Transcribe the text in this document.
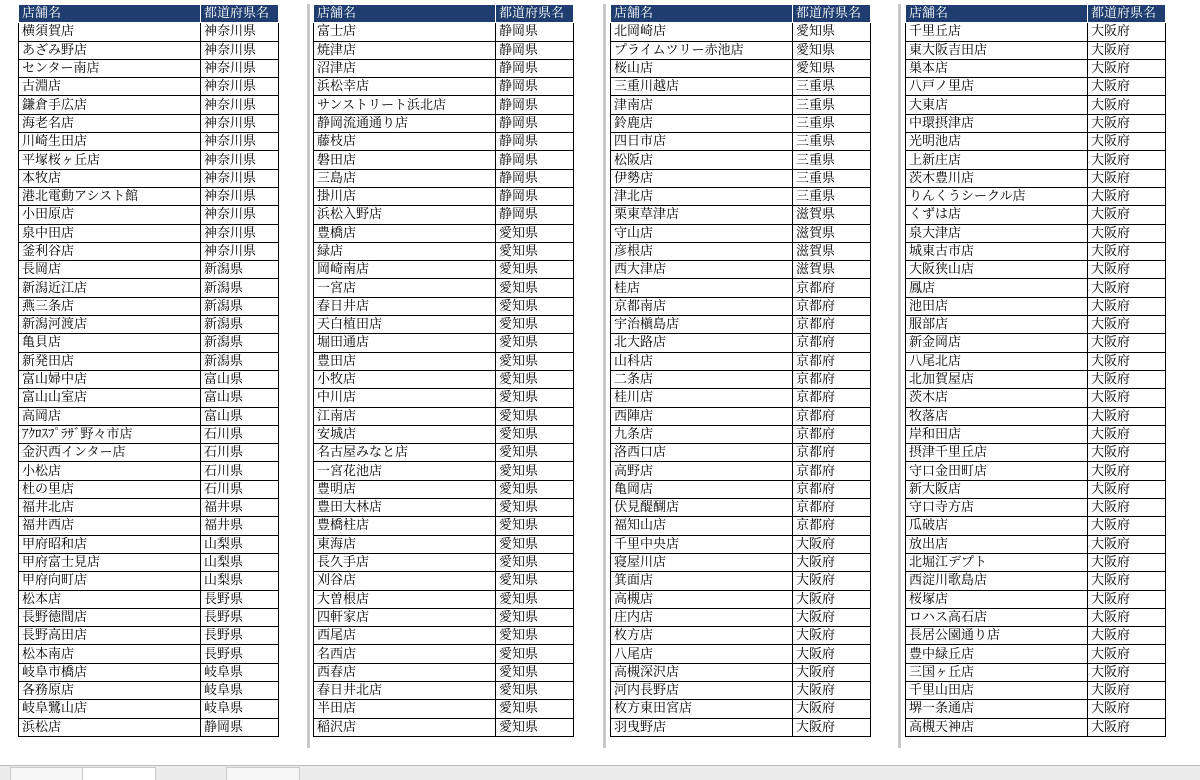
店舗名	都道府県名
横須賀店	神奈川県
あざみ野店	神奈川県
センター南店	神奈川県
古淵店	神奈川県
鎌倉手広店	神奈川県
海老名店	神奈川県
川崎生田店	神奈川県
平塚桜ヶ丘店	神奈川県
本牧店	神奈川県
港北電動アシスト館	神奈川県
小田原店	神奈川県
泉中田店	神奈川県
釜利谷店	神奈川県
長岡店	新潟県
新潟近江店	新潟県
燕三条店	新潟県
新潟河渡店	新潟県
亀貝店	新潟県
新発田店	新潟県
富山婦中店	富山県
富山山室店	富山県
高岡店	富山県
ｱｸﾛｽﾌﾟﾗｻﾞ野々市店	石川県
金沢西インター店	石川県
小松店	石川県
杜の里店	石川県
福井北店	福井県
福井西店	福井県
甲府昭和店	山梨県
甲府富士見店	山梨県
甲府向町店	山梨県
松本店	長野県
長野徳間店	長野県
長野高田店	長野県
松本南店	長野県
岐阜市橋店	岐阜県
各務原店	岐阜県
岐阜鷺山店	岐阜県
浜松店	静岡県
店舗名	都道府県名
富士店	静岡県
焼津店	静岡県
沼津店	静岡県
浜松幸店	静岡県
サンストリート浜北店	静岡県
静岡流通通り店	静岡県
藤枝店	静岡県
磐田店	静岡県
三島店	静岡県
掛川店	静岡県
浜松入野店	静岡県
豊橋店	愛知県
緑店	愛知県
岡崎南店	愛知県
一宮店	愛知県
春日井店	愛知県
天白植田店	愛知県
堀田通店	愛知県
豊田店	愛知県
小牧店	愛知県
中川店	愛知県
江南店	愛知県
安城店	愛知県
名古屋みなと店	愛知県
一宮花池店	愛知県
豊明店	愛知県
豊田大林店	愛知県
豊橋柱店	愛知県
東海店	愛知県
長久手店	愛知県
刈谷店	愛知県
大曽根店	愛知県
四軒家店	愛知県
西尾店	愛知県
名西店	愛知県
西春店	愛知県
春日井北店	愛知県
半田店	愛知県
稲沢店	愛知県
店舗名	都道府県名
北岡崎店	愛知県
プライムツリー赤池店	愛知県
桜山店	愛知県
三重川越店	三重県
津南店	三重県
鈴鹿店	三重県
四日市店	三重県
松阪店	三重県
伊勢店	三重県
津北店	三重県
栗東草津店	滋賀県
守山店	滋賀県
彦根店	滋賀県
西大津店	滋賀県
桂店	京都府
京都南店	京都府
宇治槇島店	京都府
北大路店	京都府
山科店	京都府
二条店	京都府
桂川店	京都府
西陣店	京都府
九条店	京都府
洛西口店	京都府
高野店	京都府
亀岡店	京都府
伏見醍醐店	京都府
福知山店	京都府
千里中央店	大阪府
寝屋川店	大阪府
箕面店	大阪府
高槻店	大阪府
庄内店	大阪府
枚方店	大阪府
八尾店	大阪府
高槻深沢店	大阪府
河内長野店	大阪府
枚方東田宮店	大阪府
羽曳野店	大阪府
店舗名	都道府県名
千里丘店	大阪府
東大阪吉田店	大阪府
巣本店	大阪府
八戸ノ里店	大阪府
大東店	大阪府
中環摂津店	大阪府
光明池店	大阪府
上新庄店	大阪府
茨木豊川店	大阪府
りんくうシークル店	大阪府
くずは店	大阪府
泉大津店	大阪府
城東古市店	大阪府
大阪狭山店	大阪府
鳳店	大阪府
池田店	大阪府
服部店	大阪府
新金岡店	大阪府
八尾北店	大阪府
北加賀屋店	大阪府
茨木店	大阪府
牧落店	大阪府
岸和田店	大阪府
摂津千里丘店	大阪府
守口金田町店	大阪府
新大阪店	大阪府
守口寺方店	大阪府
瓜破店	大阪府
放出店	大阪府
北堀江デプト	大阪府
西淀川歌島店	大阪府
桜塚店	大阪府
ロハス高石店	大阪府
長居公園通り店	大阪府
豊中緑丘店	大阪府
三国ヶ丘店	大阪府
千里山田店	大阪府
堺一条通店	大阪府
高槻天神店	大阪府
